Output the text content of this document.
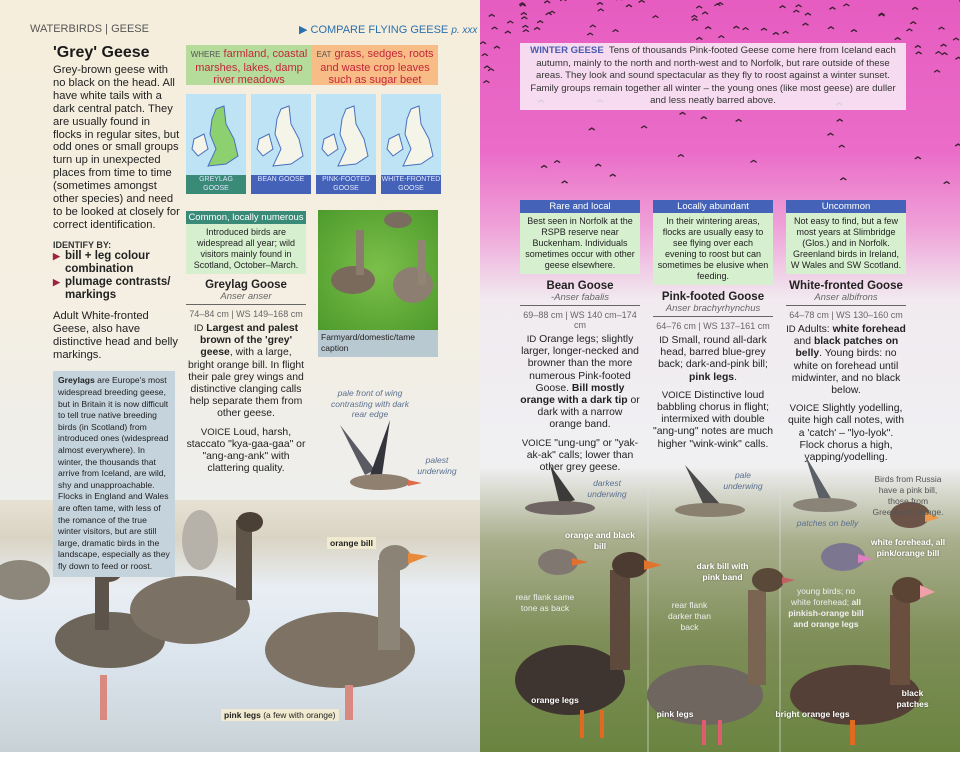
WATERBIRDS | GEESE	▶ COMPARE FLYING GEESE p. xxx
'Grey' Geese
Grey-brown geese with no black on the head. All have white tails with a dark central patch. They are usually found in flocks in regular sites, but odd ones or small groups turn up in unexpected places from time to time (sometimes amongst other species) and need to be looked at closely for correct identification.
IDENTIFY BY:
▶ bill + leg colour combination
▶ plumage contrasts/ markings
Adult White-fronted Geese, also have distinctive head and belly markings.
Greylags are Europe's most widespread breeding geese, but in Britain it is now difficult to tell true native breeding birds (in Scotland) from introduced ones (widespread almost everywhere). In winter, the thousands that arrive from Iceland, are wild, shy and unapproachable. Flocks in England and Wales are often tame, with less of the romance of the true winter visitors, but are still large, dramatic birds in the landscape, especially as they fly down to feed or roost.
WHERE farmland, coastal marshes, lakes, damp river meadows
EAT grass, sedges, roots and waste crop leaves such as sugar beet
GREYLAG GOOSE
BEAN GOOSE	PINK-FOOTED GOOSE
WHITE-FRONTED GOOSE
Common, locally numerous
Introduced birds are widespread all year; wild visitors mainly found in Scotland, October–March.
Greylag Goose
Anser anser
74–84 cm | WS 149–168 cm
ID Largest and palest brown of the 'grey' geese, with a large, bright orange bill. In flight their pale grey wings and distinctive clanging calls help separate them from other geese.
VOICE Loud, harsh, staccato "kya-gaa-gaa" or "ang-ang-ank" with clattering quality.
Farmyard/domestic/tame caption
pale front of wing contrasting with dark rear edge
palest underwing
orange bill
pink legs (a few with orange)
WINTER GEESE Tens of thousands Pink-footed Geese come here from Iceland each autumn, mainly to the north and north-west and to Norfolk, but rare outside of these areas. They look and sound spectacular as they fly to roost against a winter sunset. Family groups remain together all winter – the young ones (like most geese) are duller and less neatly barred above.
Rare and local
Best seen in Norfolk at the RSPB reserve near Buckenham. Individuals sometimes occur with other geese elsewhere.
Bean Goose
-Anser fabalis
69–88 cm | WS 140 cm–174 cm
ID Orange legs; slightly larger, longer-necked and browner than the more numerous Pink-footed Goose. Bill mostly orange with a dark tip or dark with a narrow orange band.
VOICE "ung-ung" or "yak-ak-ak" calls; lower than other grey geese.
Locally abundant
In their wintering areas, flocks are usually easy to see flying over each evening to roost but can sometimes be elusive when feeding.
Pink-footed Goose
Anser brachyrhynchus
64–76 cm | WS 137–161 cm
ID Small, round all-dark head, barred blue-grey back; dark-and-pink bill; pink legs.
VOICE Distinctive loud babbling chorus in flight; intermixed with double "ang-ung" notes are much higher "wink-wink" calls.
Uncommon
Not easy to find, but a few most years at Slimbridge (Glos.) and in Norfolk. Greenland birds in Ireland, W Wales and SW Scotland.
White-fronted Goose
Anser albifrons
64–78 cm | WS 130–160 cm
ID Adults: white forehead and black patches on belly. Young birds: no white on forehead until midwinter, and no black below.
VOICE Slightly yodelling, quite high call notes, with a 'catch' – "lyo-lyok". Flock chorus a high, yapping/yodelling.
darkest underwing
pale underwing
patches on belly
Birds from Russia have a pink bill, those from Greenland orange.
orange and black bill
rear flank same tone as back
orange legs
dark bill with pink band
rear flank darker than back
pink legs
white forehead, all pink/orange bill
young birds; no white forehead; all pinkish-orange bill and orange legs
bright orange legs
black patches
